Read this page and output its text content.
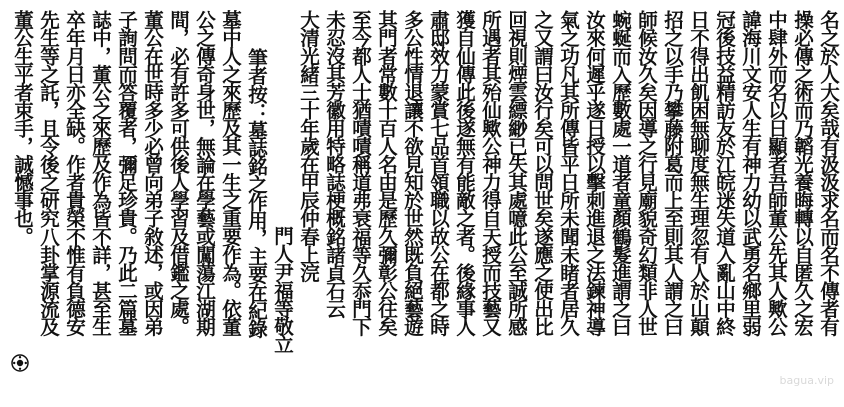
名之於人大矣哉有汲汲求名而名不傳者有
操必傳之術而乃韜光養晦轉以自匿久之宏
中肆外而名以日顯者吾師董公先其人歟公
諱海川文安人生有神力幼以武勇名鄉里弱
冠後技益精訪友於江皖迷失道入亂山中終
日不得出飢困無聊度無生理忽有人於山顛
招之以手乃攀藤附葛而上至則其人謂之曰
師候汝久矣因導之行見廟貌奇幻類非人世
蜿蜒而入歷數處一道者童顏鶴髮進謂之曰
汝來何遲乎遂日授以擊刺進退之法鍊神導
氣之功凡其所傳皆平日所未聞未睹者居久
之又謂曰汝行矣可以問世矣遂應之使出比
回視則煙雲縹緲已失其處噫此公至誠所感
所遇者其殆仙歟公神力得自天授而技藝又
獲自仙傳此後遂無有能敵之者。後緣事人
肅邸效力蒙賞七品首領職以故公在都之時
多公性情退讓不欲見知於世然既負絕藝遊
其門者常數十百人名由是歷久彌彰公往矣
至今都人士猶嘖嘖稱道弗衰福等久忝門下
未忍沒其芳徽用特略誌梗概銘諸貞石云
大清光緒三十年歲在甲辰仲春上浣
門人尹福等敬立
筆者按：墓誌銘之作用，主要在紀錄
墓中人之來歷及其一生之重要作為。依董
公之傳奇身世，無論在學藝或闖蕩江湖期
間，必有許多可供後人學習及借鑑之處。
董公在世時多少必曾向弟子敘述，或因弟
子詢問而答覆者，彌足珍貴。乃此二篇墓
誌中，董公之來歷及作為皆不詳，甚至生
卒年月日亦全缺。作者貴榮不惟有負德安
先生等之託，且令後之研究八卦掌源流及
董公生平者束手，誠憾事也。
bagua.vip
